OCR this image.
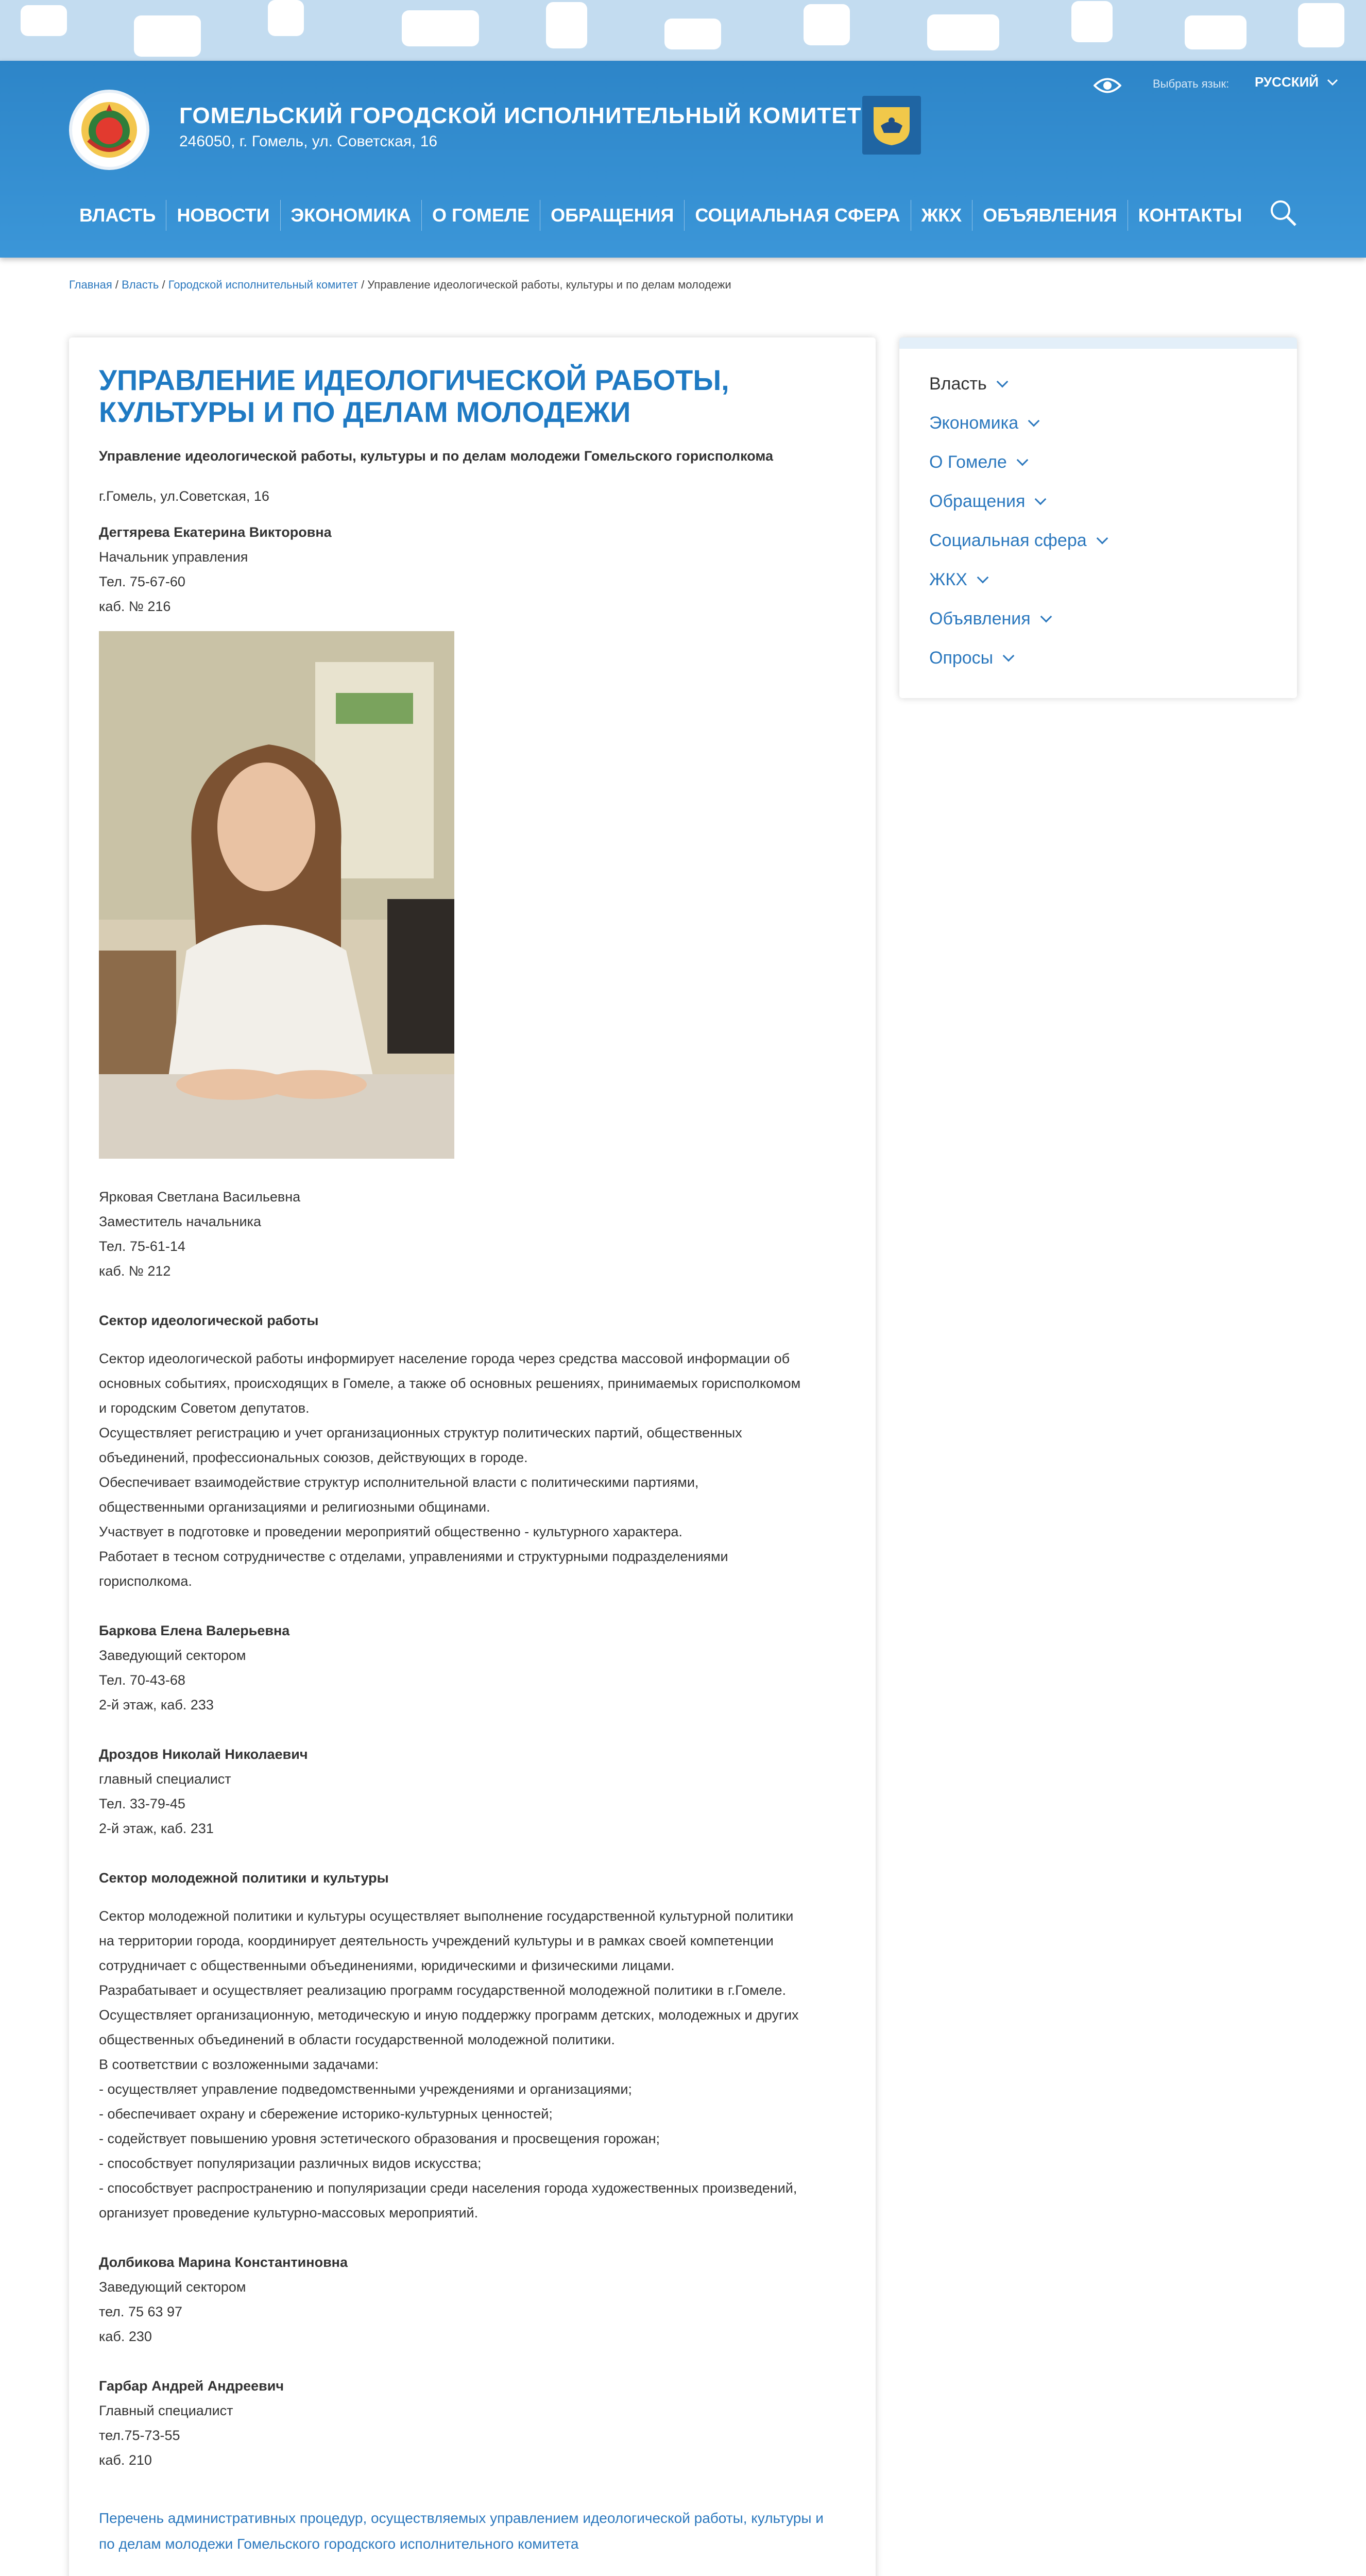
ГОМЕЛЬСКИЙ ГОРОДСКОЙ ИСПОЛНИТЕЛЬНЫЙ КОМИТЕТ
246050, г. Гомель, ул. Советская, 16
Выбрать язык: РУССКИЙ
ВЛАСТЬ	НОВОСТИ	ЭКОНОМИКА	О ГОМЕЛЕ	ОБРАЩЕНИЯ	СОЦИАЛЬНАЯ СФЕРА	ЖКХ	ОБЪЯВЛЕНИЯ	КОНТАКТЫ
Главная / Власть / Городской исполнительный комитет / Управление идеологической работы, культуры и по делам молодежи
УПРАВЛЕНИЕ ИДЕОЛОГИЧЕСКОЙ РАБОТЫ, КУЛЬТУРЫ И ПО ДЕЛАМ МОЛОДЕЖИ
Управление идеологической работы, культуры и по делам молодежи Гомельского горисполкома
г.Гомель, ул.Советская, 16
Дегтярева Екатерина Викторовна
Начальник управления
Тел. 75-67-60
каб. № 216
Ярковая Светлана Васильевна
Заместитель начальника
Тел. 75-61-14
каб. № 212
Сектор идеологической работы
Сектор идеологической работы информирует население города через средства массовой информации об
основных событиях, происходящих в Гомеле, а также об основных решениях, принимаемых горисполкомом
и городским Советом депутатов.
Осуществляет регистрацию и учет организационных структур политических партий, общественных
объединений, профессиональных союзов, действующих в городе.
Обеспечивает взаимодействие структур исполнительной власти с политическими партиями,
общественными организациями и религиозными общинами.
Участвует в подготовке и проведении мероприятий общественно - культурного характера.
Работает в тесном сотрудничестве с отделами, управлениями и структурными подразделениями
горисполкома.
Баркова Елена Валерьевна
Заведующий сектором
Тел. 70-43-68
2-й этаж, каб. 233
Дроздов Николай Николаевич
главный специалист
Тел. 33-79-45
2-й этаж, каб. 231
Сектор молодежной политики и культуры
Сектор молодежной политики и культуры осуществляет выполнение государственной культурной политики
на территории города, координирует деятельность учреждений культуры и в рамках своей компетенции
сотрудничает с общественными объединениями, юридическими и физическими лицами.
Разрабатывает и осуществляет реализацию программ государственной молодежной политики в г.Гомеле.
Осуществляет организационную, методическую и иную поддержку программ детских, молодежных и других
общественных объединений в области государственной молодежной политики.
В соответствии с возложенными задачами:
- осуществляет управление подведомственными учреждениями и организациями;
- обеспечивает охрану и сбережение историко-культурных ценностей;
- содействует повышению уровня эстетического образования и просвещения горожан;
- способствует популяризации различных видов искусства;
- способствует распространению и популяризации среди населения города художественных произведений,
организует проведение культурно-массовых мероприятий.
Долбикова Марина Константиновна
Заведующий сектором
тел. 75 63 97
каб. 230
Гарбар Андрей Андреевич
Главный специалист
тел.75-73-55
каб. 210
Перечень административных процедур, осуществляемых управлением идеологической работы, культуры и
по делам молодежи Гомельского городского исполнительного комитета
Власть
Экономика
О Гомеле
Обращения
Социальная сфера
ЖКХ
Объявления
Опросы
